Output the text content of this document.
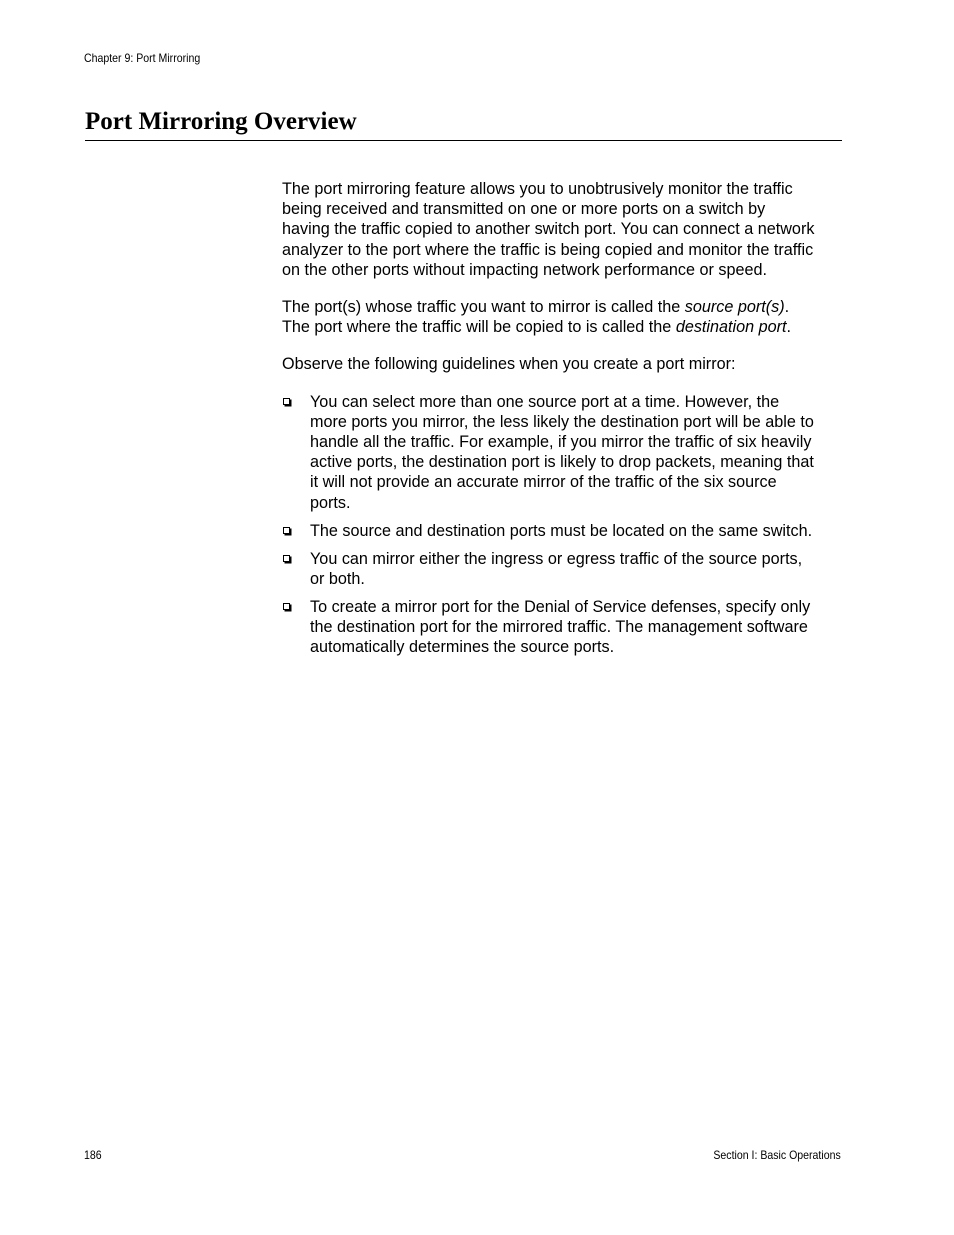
Chapter 9: Port Mirroring
Port Mirroring Overview

The port mirroring feature allows you to unobtrusively monitor the traffic
being received and transmitted on one or more ports on a switch by
having the traffic copied to another switch port. You can connect a network
analyzer to the port where the traffic is being copied and monitor the traffic
on the other ports without impacting network performance or speed.

The port(s) whose traffic you want to mirror is called the source port(s).
The port where the traffic will be copied to is called the destination port.

Observe the following guidelines when you create a port mirror:

You can select more than one source port at a time. However, the
more ports you mirror, the less likely the destination port will be able to
handle all the traffic. For example, if you mirror the traffic of six heavily
active ports, the destination port is likely to drop packets, meaning that
it will not provide an accurate mirror of the traffic of the six source
ports.
The source and destination ports must be located on the same switch.
You can mirror either the ingress or egress traffic of the source ports,
or both.
To create a mirror port for the Denial of Service defenses, specify only
the destination port for the mirrored traffic. The management software
automatically determines the source ports.
186	Section I: Basic Operations
